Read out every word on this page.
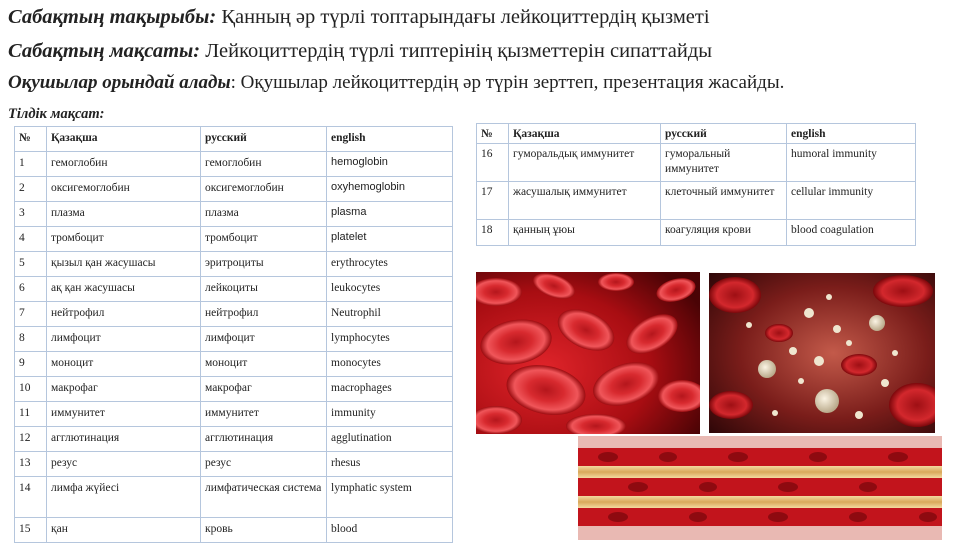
Сабақтың тақырыбы: Қанның әр түрлі топтарындағы лейкоциттердің қызметі
Сабақтың мақсаты: Лейкоциттердің түрлі типтерінің қызметтерін сипаттайды
Оқушылар орындай алады: Оқушылар лейкоциттердің әр түрін зерттеп, презентация жасайды.
Тілдік мақсат:
№	Қазақша	русский	english
1	гемоглобин	гемоглобин	hemoglobin
2	оксигемоглобин	оксигемоглобин	oxyhemoglobin
3	плазма	плазма	plasma
4	тромбоцит	тромбоцит	platelet
5	қызыл қан жасушасы	эритроциты	erythrocytes
6	ақ қан жасушасы	лейкоциты	leukocytes
7	нейтрофил	нейтрофил	Neutrophil
8	лимфоцит	лимфоцит	lymphocytes
9	моноцит	моноцит	monocytes
10	макрофаг	макрофаг	macrophages
11	иммунитет	иммунитет	immunity
12	агглютинация	агглютинация	agglutination
13	резус	резус	rhesus
14	лимфа жүйесі	лимфатическая система	lymphatic system
15	қан	кровь	blood
№	Қазақша	русский	english
16	гуморальдық иммунитет	гуморальный иммунитет	humoral immunity
17	жасушалық иммунитет	клеточный иммунитет	cellular immunity
18	қанның ұюы	коагуляция крови	blood coagulation
